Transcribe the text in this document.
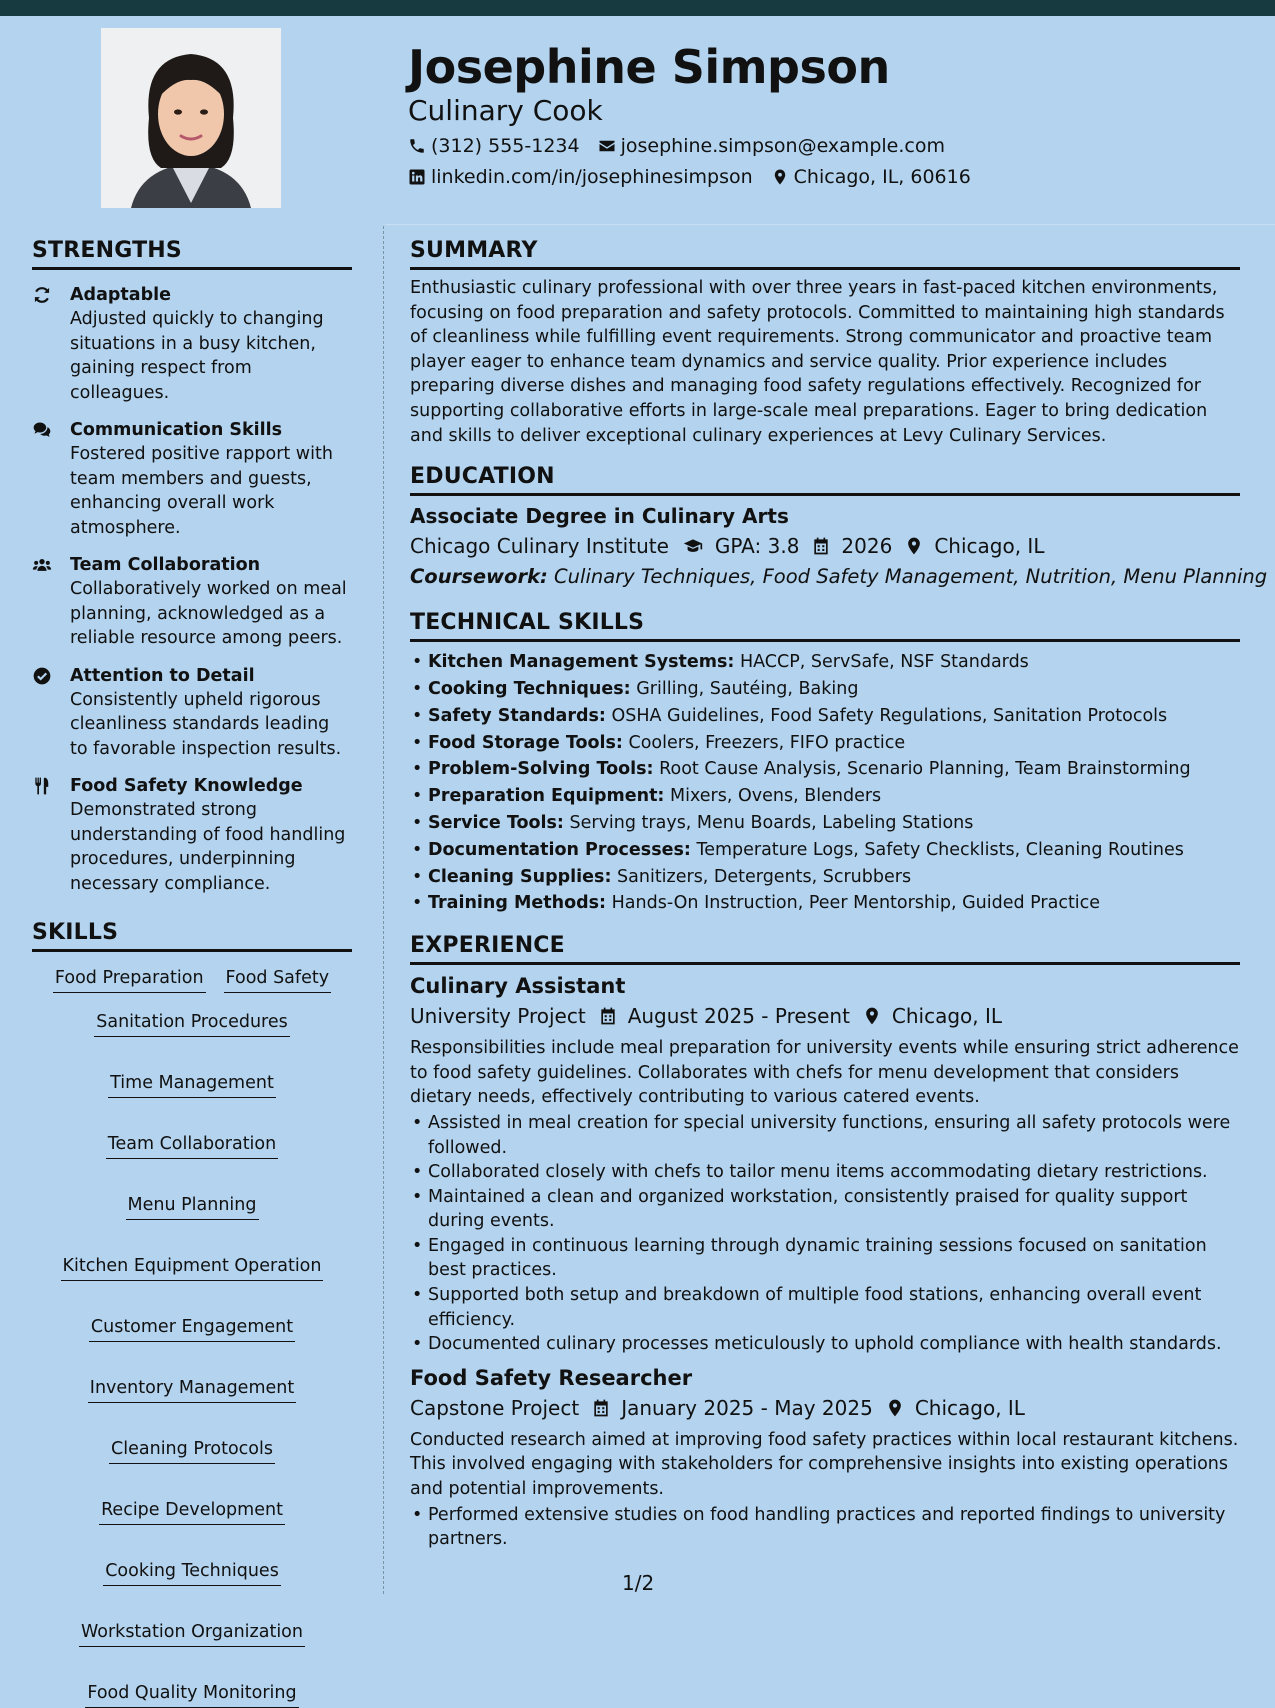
Josephine Simpson
Culinary Cook
(312) 555-1234 josephine.simpson@example.com
linkedin.com/in/josephinesimpson Chicago, IL, 60616
STRENGTHS
Adaptable
Adjusted quickly to changing situations in a busy kitchen, gaining respect from colleagues.
Communication Skills
Fostered positive rapport with team members and guests, enhancing overall work atmosphere.
Team Collaboration
Collaboratively worked on meal planning, acknowledged as a reliable resource among peers.
Attention to Detail
Consistently upheld rigorous cleanliness standards leading to favorable inspection results.
Food Safety Knowledge
Demonstrated strong understanding of food handling procedures, underpinning necessary compliance.
SKILLS
Food Preparation Food Safety
Sanitation Procedures
Time Management
Team Collaboration
Menu Planning
Kitchen Equipment Operation
Customer Engagement
Inventory Management
Cleaning Protocols
Recipe Development
Cooking Techniques
Workstation Organization
Food Quality Monitoring
SUMMARY

Enthusiastic culinary professional with over three years in fast-paced kitchen environments, focusing on food preparation and safety protocols. Committed to maintaining high standards of cleanliness while fulfilling event requirements. Strong communicator and proactive team player eager to enhance team dynamics and service quality. Prior experience includes preparing diverse dishes and managing food safety regulations effectively. Recognized for supporting collaborative efforts in large-scale meal preparations. Eager to bring dedication and skills to deliver exceptional culinary experiences at Levy Culinary Services.

EDUCATION
Associate Degree in Culinary Arts
Chicago Culinary Institute GPA: 3.8 2026 Chicago, IL
Coursework: Culinary Techniques, Food Safety Management, Nutrition, Menu Planning
TECHNICAL SKILLS
• Kitchen Management Systems: HACCP, ServSafe, NSF Standards
• Cooking Techniques: Grilling, Sautéing, Baking
• Safety Standards: OSHA Guidelines, Food Safety Regulations, Sanitation Protocols
• Food Storage Tools: Coolers, Freezers, FIFO practice
• Problem-Solving Tools: Root Cause Analysis, Scenario Planning, Team Brainstorming
• Preparation Equipment: Mixers, Ovens, Blenders
• Service Tools: Serving trays, Menu Boards, Labeling Stations
• Documentation Processes: Temperature Logs, Safety Checklists, Cleaning Routines
• Cleaning Supplies: Sanitizers, Detergents, Scrubbers
• Training Methods: Hands-On Instruction, Peer Mentorship, Guided Practice
EXPERIENCE
Culinary Assistant
University Project August 2025 - Present Chicago, IL

Responsibilities include meal preparation for university events while ensuring strict adherence to food safety guidelines. Collaborates with chefs for menu development that considers dietary needs, effectively contributing to various catered events.

• Assisted in meal creation for special university functions, ensuring all safety protocols were followed.
• Collaborated closely with chefs to tailor menu items accommodating dietary restrictions.
• Maintained a clean and organized workstation, consistently praised for quality support during events.
• Engaged in continuous learning through dynamic training sessions focused on sanitation best practices.
• Supported both setup and breakdown of multiple food stations, enhancing overall event efficiency.
• Documented culinary processes meticulously to uphold compliance with health standards.
Food Safety Researcher
Capstone Project January 2025 - May 2025 Chicago, IL

Conducted research aimed at improving food safety practices within local restaurant kitchens. This involved engaging with stakeholders for comprehensive insights into existing operations and potential improvements.

• Performed extensive studies on food handling practices and reported findings to university partners.
1/2
